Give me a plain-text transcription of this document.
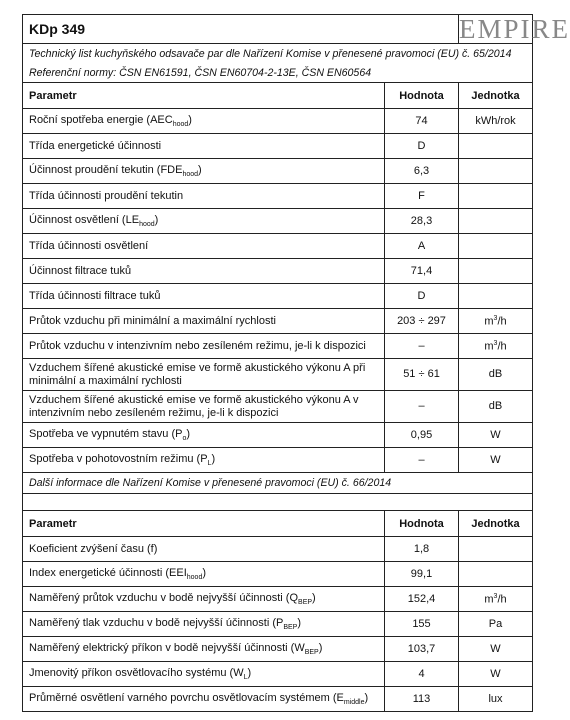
KDp 349		EMPIRE
Technický list kuchyňského odsavače par dle Nařízení Komise v přenesené pravomoci (EU) č. 65/2014		
Referenční normy: ČSN EN61591, ČSN EN60704-2-13E, ČSN EN60564		
Parametr	Hodnota	Jednotka
Roční spotřeba energie $(AEC_{hood})$	74	kWh/rok
Třída energetické účinnosti	D	
Účinnost proudění tekutin $(FDE_{hood})$	6,3	
Třída účinnosti proudění tekutin	F	
Účinnost osvětlení $(LE_{hood})$	28,3	
Třída účinnosti osvětlení	A	
Účinnost filtrace tuků	71,4	
Třída účinnosti filtrace tuků	D	
Průtok vzduchu při minimální a maximální rychlosti	203 ÷ 297	$m^3/h$
Průtok vzduchu v intenzivním nebo zesíleném režimu, je-li k dispozici	–	$m^3/h$
Vzduchem šířené akustické emise ve formě akustického výkonu A při minimální a maximální rychlosti	51 ÷ 61	dB
Vzduchem šířené akustické emise ve formě akustického výkonu A v intenzivním nebo zesíleném režimu, je-li k dispozici	–	dB
Spotřeba ve vypnutém stavu $(P_o)$	0,95	W
Spotřeba v pohotovostním režimu $(P_L)$	–	W
Další informace dle Nařízení Komise v přenesené pravomoci (EU) č. 66/2014		

Parametr	Hodnota	Jednotka
Koeficient zvýšení času (f)	1,8	
Index energetické účinnosti $(EEI_{hood})$	99,1	
Naměřený průtok vzduchu v bodě nejvyšší účinnosti $(Q_{BEP})$	152,4	$m^3/h$
Naměřený tlak vzduchu v bodě nejvyšší účinnosti $(P_{BEP})$	155	Pa
Naměřený elektrický příkon v bodě nejvyšší účinnosti $(W_{BEP})$	103,7	W
Jmenovitý příkon osvětlovacího systému $(W_L)$	4	W
Průměrné osvětlení varného povrchu osvětlovacím systémem $(E_{middle})$	113	lux
